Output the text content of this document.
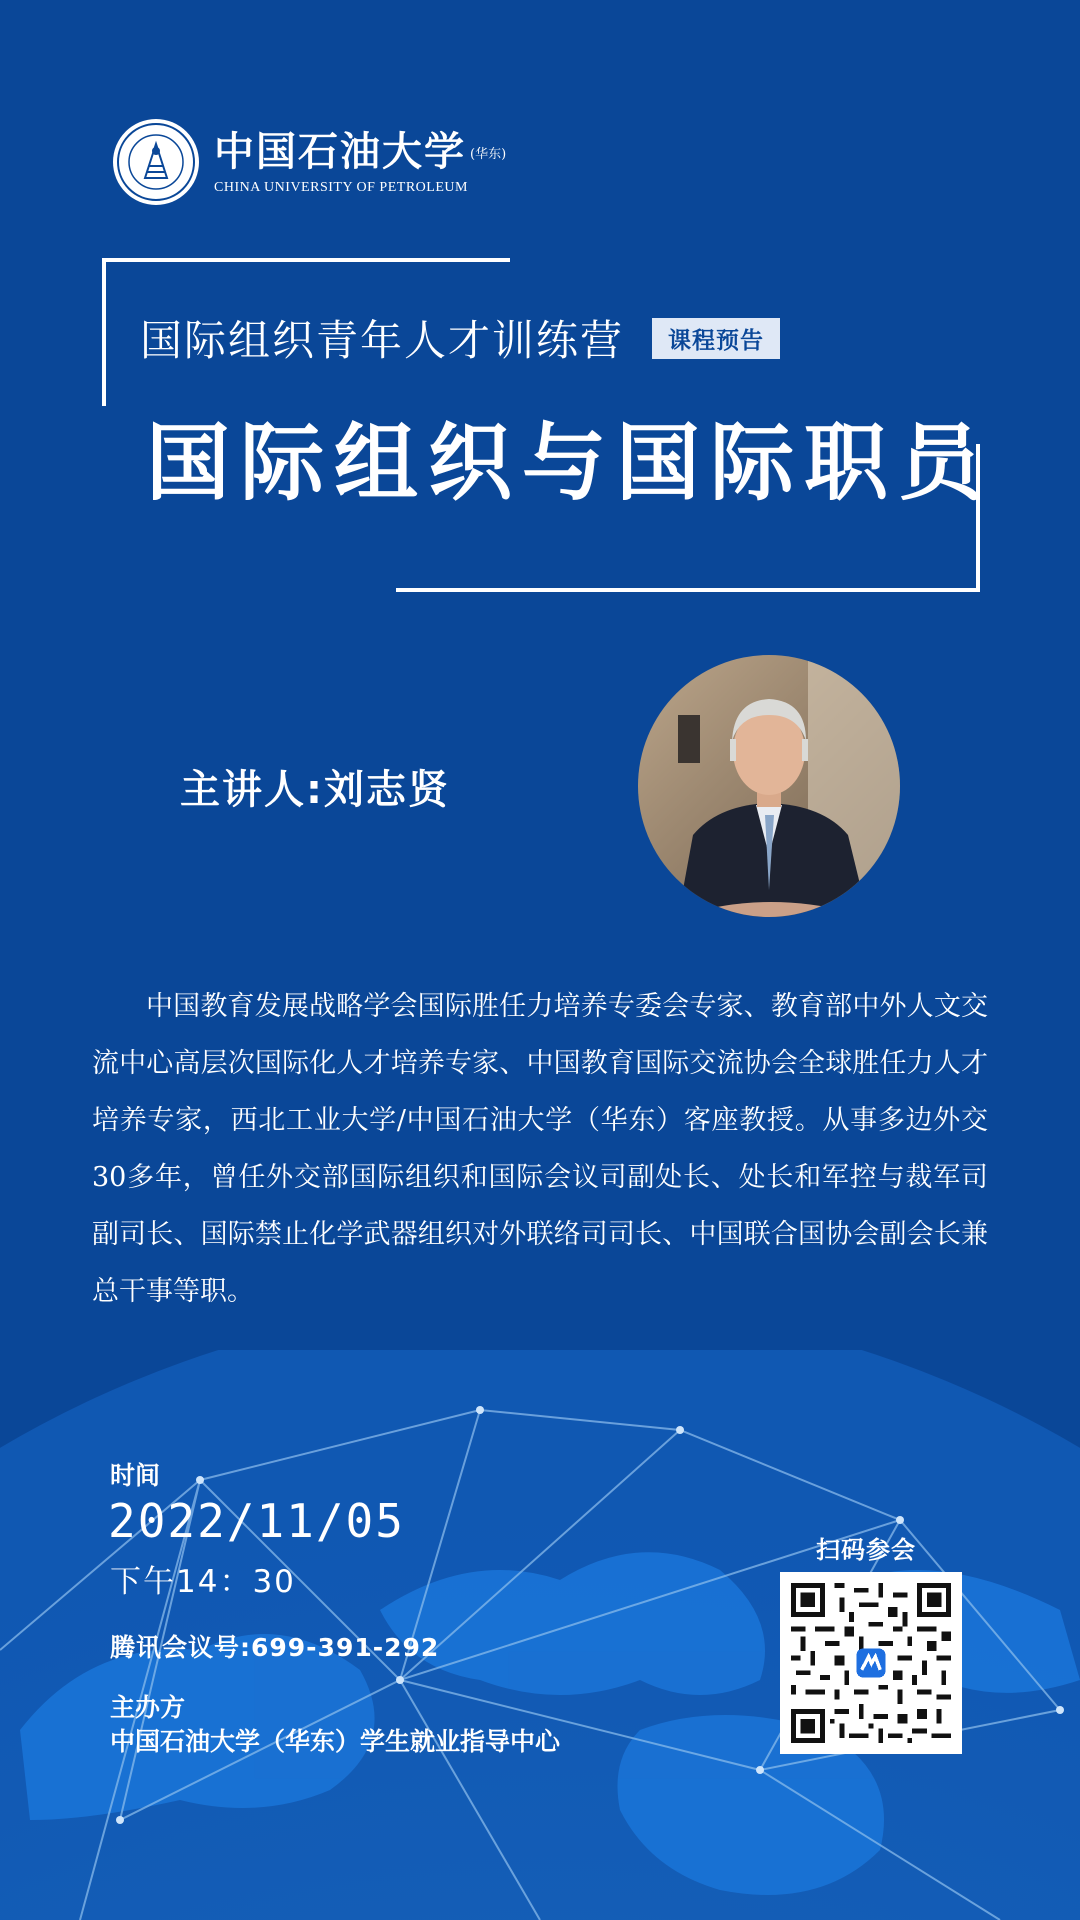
中国石油大学 (华东)
CHINA UNIVERSITY OF PETROLEUM
国际组织青年人才训练营	课程预告
国际组织与国际职员
主讲人:刘志贤
中国教育发展战略学会国际胜任力培养专委会专家、教育部中外人文交流中心高层次国际化人才培养专家、中国教育国际交流协会全球胜任力人才培养专家，西北工业大学/中国石油大学（华东）客座教授。从事多边外交30多年，曾任外交部国际组织和国际会议司副处长、处长和军控与裁军司副司长、国际禁止化学武器组织对外联络司司长、中国联合国协会副会长兼总干事等职。
时间
2022/11/05
下午14：30
腾讯会议号:699-391-292
主办方
中国石油大学（华东）学生就业指导中心
扫码参会
